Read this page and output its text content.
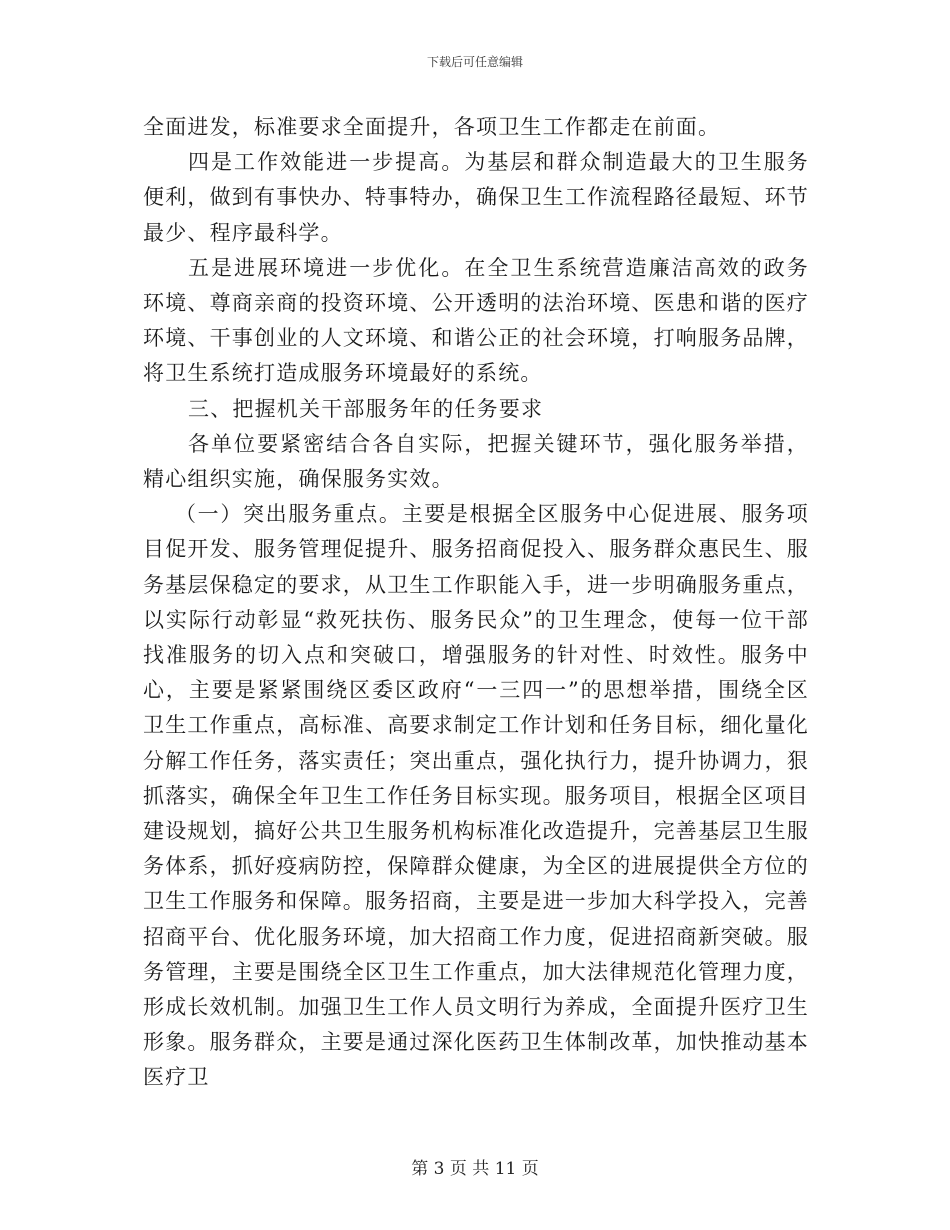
下载后可任意编辑

全面进发，标准要求全面提升，各项卫生工作都走在前面。

四是工作效能进一步提高。为基层和群众制造最大的卫生服务便利，做到有事快办、特事特办，确保卫生工作流程路径最短、环节最少、程序最科学。

五是进展环境进一步优化。在全卫生系统营造廉洁高效的政务环境、尊商亲商的投资环境、公开透明的法治环境、医患和谐的医疗环境、干事创业的人文环境、和谐公正的社会环境，打响服务品牌，将卫生系统打造成服务环境最好的系统。

三、把握机关干部服务年的任务要求

各单位要紧密结合各自实际，把握关键环节，强化服务举措，精心组织实施，确保服务实效。

（一）突出服务重点。主要是根据全区服务中心促进展、服务项目促开发、服务管理促提升、服务招商促投入、服务群众惠民生、服务基层保稳定的要求，从卫生工作职能入手，进一步明确服务重点，以实际行动彰显“救死扶伤、服务民众”的卫生理念，使每一位干部找准服务的切入点和突破口，增强服务的针对性、时效性。服务中心，主要是紧紧围绕区委区政府“一三四一”的思想举措，围绕全区卫生工作重点，高标准、高要求制定工作计划和任务目标，细化量化分解工作任务，落实责任；突出重点，强化执行力，提升协调力，狠抓落实，确保全年卫生工作任务目标实现。服务项目，根据全区项目建设规划，搞好公共卫生服务机构标准化改造提升，完善基层卫生服务体系，抓好疫病防控，保障群众健康，为全区的进展提供全方位的卫生工作服务和保障。服务招商，主要是进一步加大科学投入，完善招商平台、优化服务环境，加大招商工作力度，促进招商新突破。服务管理，主要是围绕全区卫生工作重点，加大法律规范化管理力度，形成长效机制。加强卫生工作人员文明行为养成，全面提升医疗卫生形象。服务群众，主要是通过深化医药卫生体制改革，加快推动基本医疗卫

第 3 页 共 11 页
